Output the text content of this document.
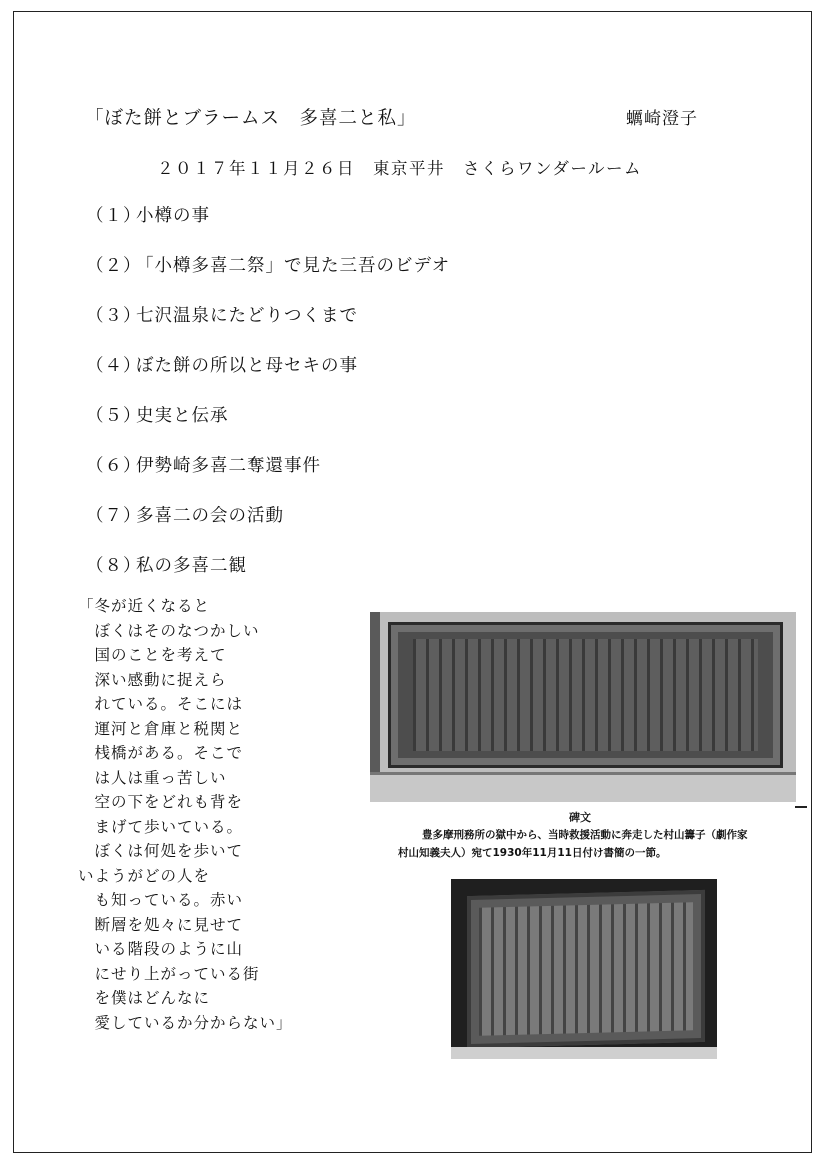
「ぼた餅とブラームス　多喜二と私」	蠣崎澄子
２０１７年１１月２６日　東京平井　さくらワンダールーム
（１）小樽の事
（２）「小樽多喜二祭」で見た三吾のビデオ
（３）七沢温泉にたどりつくまで
（４）ぼた餅の所以と母セキの事
（５）史実と伝承
（６）伊勢崎多喜二奪還事件
（７）多喜二の会の活動
（８）私の多喜二観
「冬が近くなると
　ぼくはそのなつかしい
　国のことを考えて
　深い感動に捉えら
　れている。そこには
　運河と倉庫と税関と
　桟橋がある。そこで
　は人は重っ苦しい
　空の下をどれも背を
　まげて歩いている。
　ぼくは何処を歩いて
いようがどの人を
　も知っている。赤い
　断層を処々に見せて
　いる階段のように山
　にせり上がっている街
　を僕はどんなに
　愛しているか分からない」
碑文
豊多摩刑務所の獄中から、当時救援活動に奔走した村山籌子（劇作家
村山知義夫人）宛て1930年11月11日付け書簡の一節。
